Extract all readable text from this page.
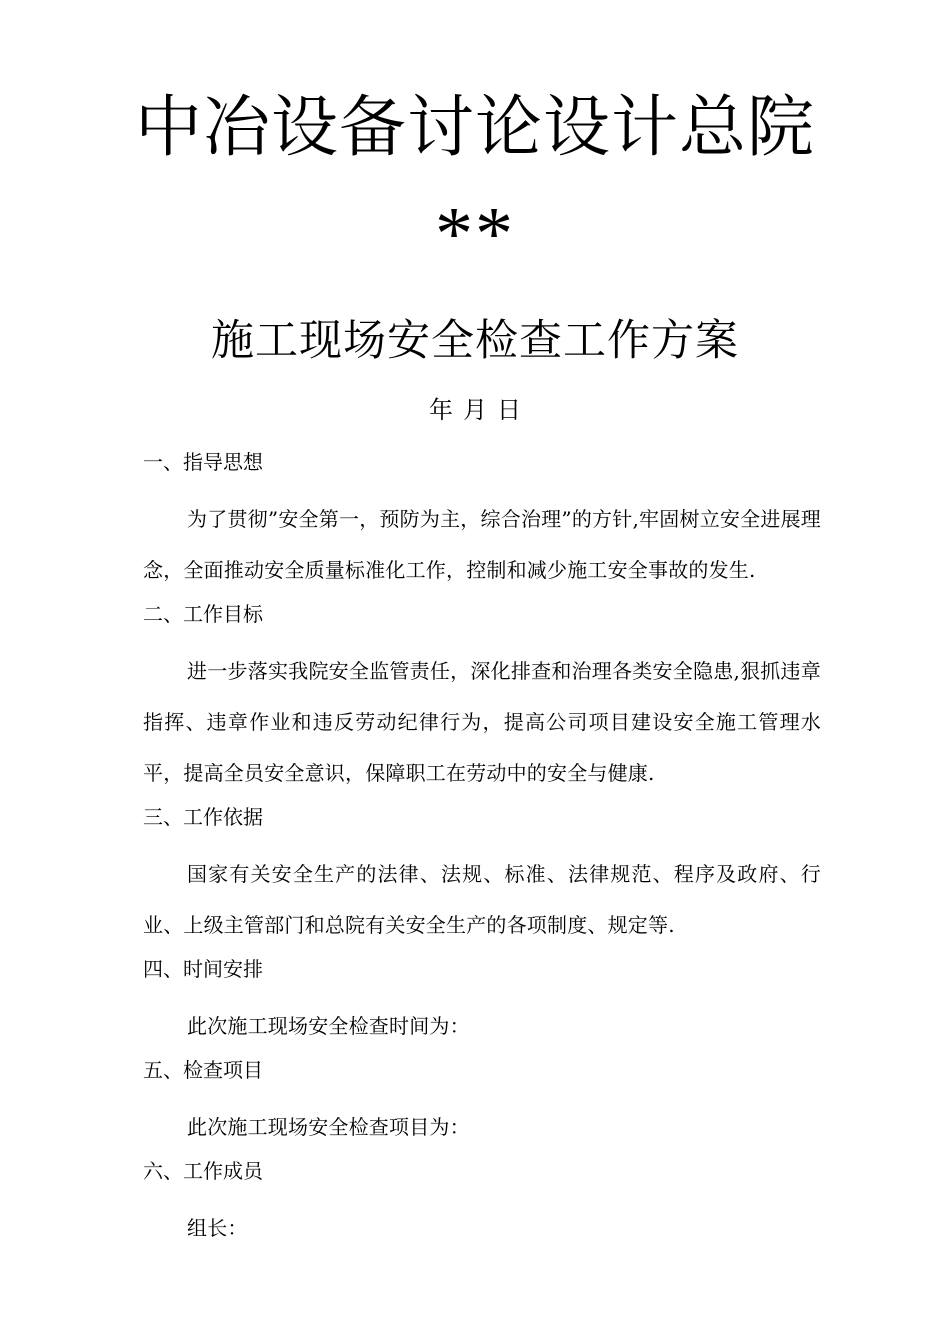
中冶设备讨论设计总院
**
施工现场安全检查工作方案
年 月 日
一、指导思想

为了贯彻”安全第一，预防为主，综合治理”的方针,牢固树立安全进展理念，全面推动安全质量标准化工作，控制和减少施工安全事故的发生.

二、工作目标

进一步落实我院安全监管责任，深化排查和治理各类安全隐患,狠抓违章指挥、违章作业和违反劳动纪律行为，提高公司项目建设安全施工管理水平，提高全员安全意识，保障职工在劳动中的安全与健康.

三、工作依据

国家有关安全生产的法律、法规、标准、法律规范、程序及政府、行业、上级主管部门和总院有关安全生产的各项制度、规定等.

四、时间安排

此次施工现场安全检查时间为：

五、检查项目

此次施工现场安全检查项目为：

六、工作成员

组长：
